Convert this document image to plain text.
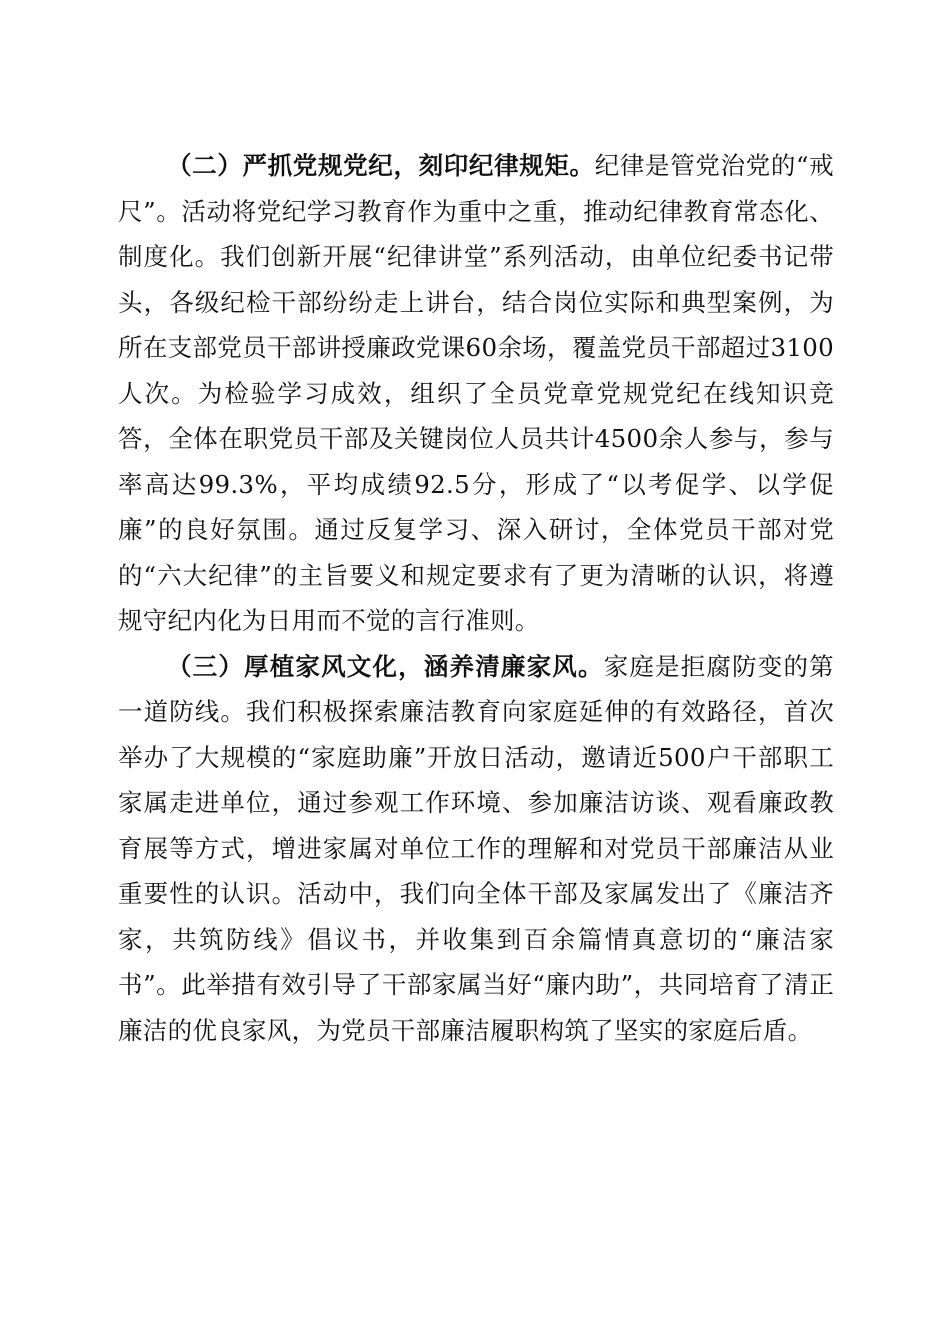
（二）严抓党规党纪，刻印纪律规矩。纪律是管党治党的“戒尺”。活动将党纪学习教育作为重中之重，推动纪律教育常态化、制度化。我们创新开展“纪律讲堂”系列活动，由单位纪委书记带头，各级纪检干部纷纷走上讲台，结合岗位实际和典型案例，为所在支部党员干部讲授廉政党课60余场，覆盖党员干部超过3100人次。为检验学习成效，组织了全员党章党规党纪在线知识竞答，全体在职党员干部及关键岗位人员共计4500余人参与，参与率高达99.3%，平均成绩92.5分，形成了“以考促学、以学促廉”的良好氛围。通过反复学习、深入研讨，全体党员干部对党的“六大纪律”的主旨要义和规定要求有了更为清晰的认识，将遵规守纪内化为日用而不觉的言行准则。

（三）厚植家风文化，涵养清廉家风。家庭是拒腐防变的第一道防线。我们积极探索廉洁教育向家庭延伸的有效路径，首次举办了大规模的“家庭助廉”开放日活动，邀请近500户干部职工家属走进单位，通过参观工作环境、参加廉洁访谈、观看廉政教育展等方式，增进家属对单位工作的理解和对党员干部廉洁从业重要性的认识。活动中，我们向全体干部及家属发出了《廉洁齐家，共筑防线》倡议书，并收集到百余篇情真意切的“廉洁家书”。此举措有效引导了干部家属当好“廉内助”，共同培育了清正廉洁的优良家风，为党员干部廉洁履职构筑了坚实的家庭后盾。
